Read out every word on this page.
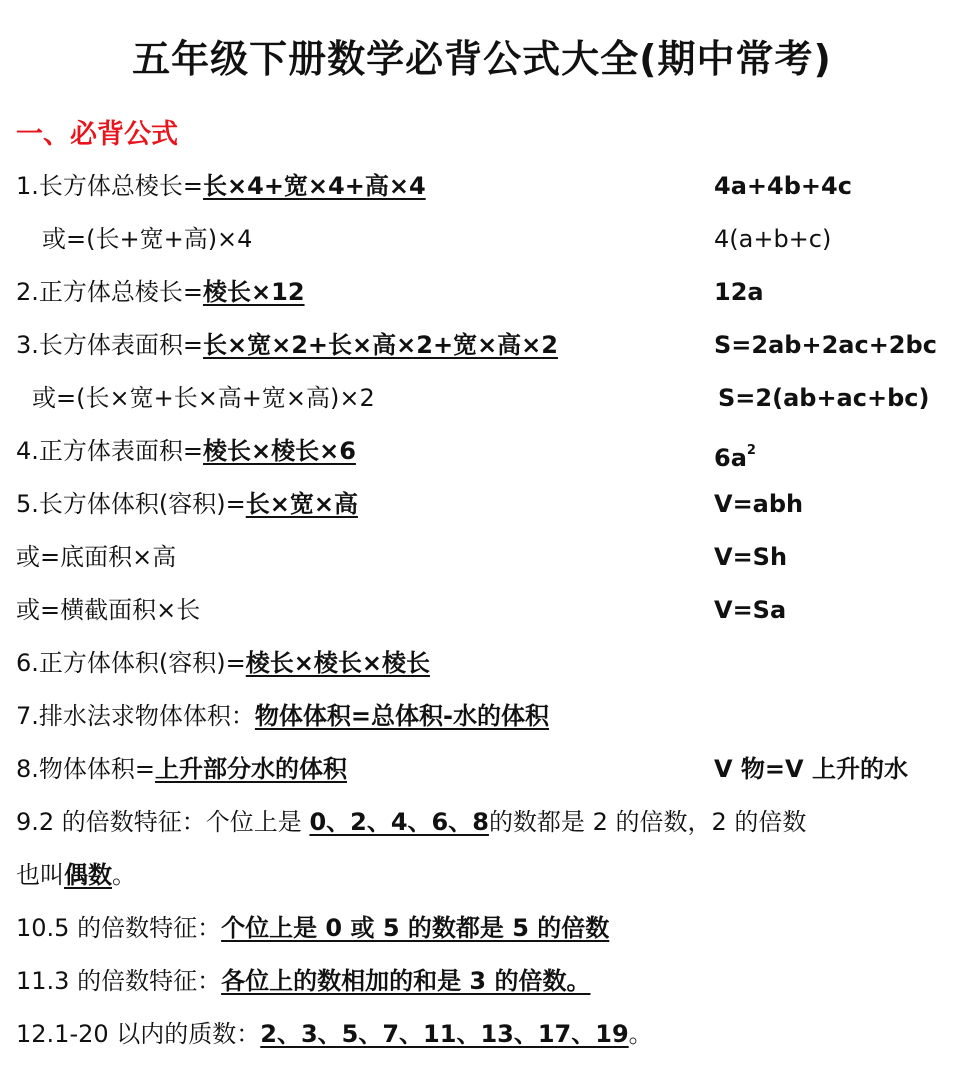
五年级下册数学必背公式大全(期中常考)
一、必背公式
1.长方体总棱长=长×4+宽×4+高×4	4a+4b+4c
或=(长+宽+高)×4	4(a+b+c)
2.正方体总棱长=棱长×12	12a
3.长方体表面积=长×宽×2+长×高×2+宽×高×2	S=2ab+2ac+2bc
或=(长×宽+长×高+宽×高)×2	S=2(ab+ac+bc)
4.正方体表面积=棱长×棱长×6	$6a^2$
5.长方体体积(容积)=长×宽×高	V=abh
或=底面积×高	V=Sh
或=横截面积×长	V=Sa
6.正方体体积(容积)=棱长×棱长×棱长
7.排水法求物体体积：物体体积=总体积-水的体积
8.物体体积=上升部分水的体积	V 物=V 上升的水
9.2 的倍数特征：个位上是 0、2、4、6、8的数都是 2 的倍数，2 的倍数
也叫偶数。
10.5 的倍数特征：个位上是 0 或 5 的数都是 5 的倍数
11.3 的倍数特征：各位上的数相加的和是 3 的倍数。
12.1-20 以内的质数：2、3、5、7、11、13、17、19。
